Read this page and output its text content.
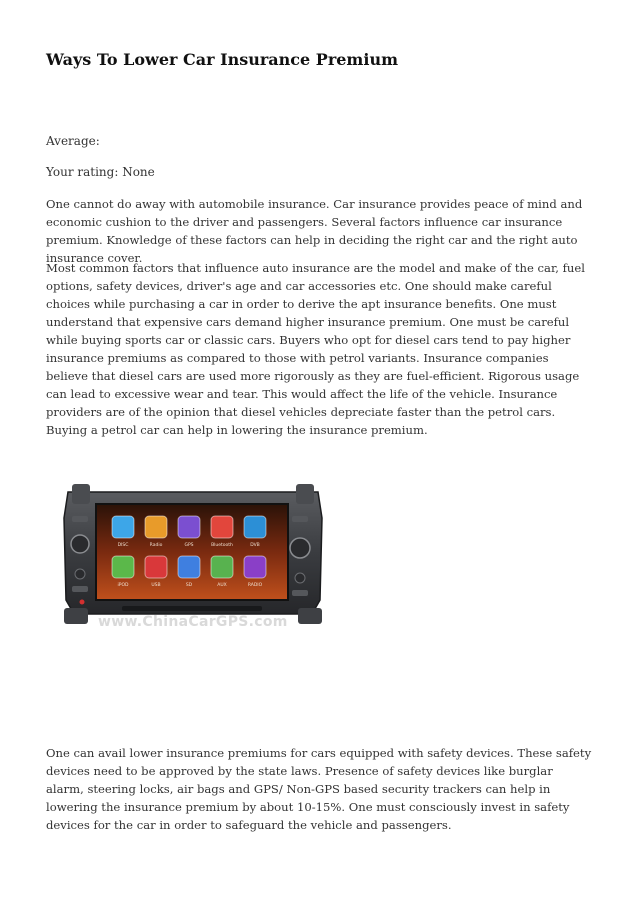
Ways To Lower Car Insurance Premium

Average:

Your rating: None

One cannot do away with automobile insurance. Car insurance provides peace of mind and economic cushion to the driver and passengers. Several factors influence car insurance premium. Knowledge of these factors can help in deciding the right car and the right auto insurance cover.

Most common factors that influence auto insurance are the model and make of the car, fuel options, safety devices, driver's age and car accessories etc. One should make careful choices while purchasing a car in order to derive the apt insurance benefits. One must understand that expensive cars demand higher insurance premium. One must be careful while buying sports car or classic cars. Buyers who opt for diesel cars tend to pay higher insurance premiums as compared to those with petrol variants. Insurance companies believe that diesel cars are used more rigorously as they are fuel-efficient. Rigorous usage can lead to excessive wear and tear. This would affect the life of the vehicle. Insurance providers are of the opinion that diesel vehicles depreciate faster than the petrol cars. Buying a petrol car can help in lowering the insurance premium.

DISC	Radio	GPS	Bluetooth	DVB
iPOD	USB	SD	AUX	RADIO
www.ChinaCarGPS.com

One can avail lower insurance premiums for cars equipped with safety devices. These safety devices need to be approved by the state laws. Presence of safety devices like burglar alarm, steering locks, air bags and GPS/ Non-GPS based security trackers can help in lowering the insurance premium by about 10-15%. One must consciously invest in safety devices for the car in order to safeguard the vehicle and passengers.
